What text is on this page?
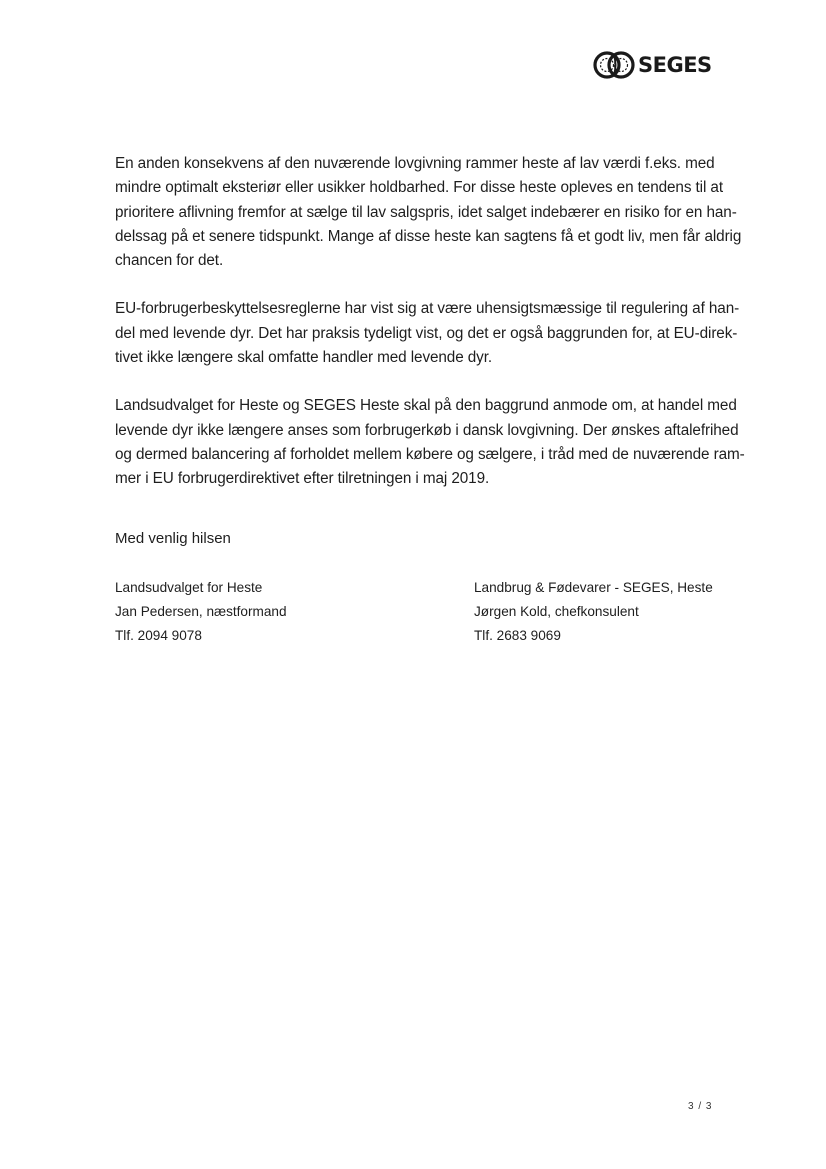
SEGES

En anden konsekvens af den nuværende lovgivning rammer heste af lav værdi f.eks. med
mindre optimalt eksteriør eller usikker holdbarhed. For disse heste opleves en tendens til at
prioritere aflivning fremfor at sælge til lav salgspris, idet salget indebærer en risiko for en han-
delssag på et senere tidspunkt. Mange af disse heste kan sagtens få et godt liv, men får aldrig
chancen for det.

EU-forbrugerbeskyttelsesreglerne har vist sig at være uhensigtsmæssige til regulering af han-
del med levende dyr. Det har praksis tydeligt vist, og det er også baggrunden for, at EU-direk-
tivet ikke længere skal omfatte handler med levende dyr.

Landsudvalget for Heste og SEGES Heste skal på den baggrund anmode om, at handel med
levende dyr ikke længere anses som forbrugerkøb i dansk lovgivning. Der ønskes aftalefrihed
og dermed balancering af forholdet mellem købere og sælgere, i tråd med de nuværende ram-
mer i EU forbrugerdirektivet efter tilretningen i maj 2019.

Med venlig hilsen

Landsudvalget for Heste
Jan Pedersen, næstformand
Tlf. 2094 9078
Landbrug & Fødevarer - SEGES, Heste
Jørgen Kold, chefkonsulent
Tlf. 2683 9069
3 / 3
